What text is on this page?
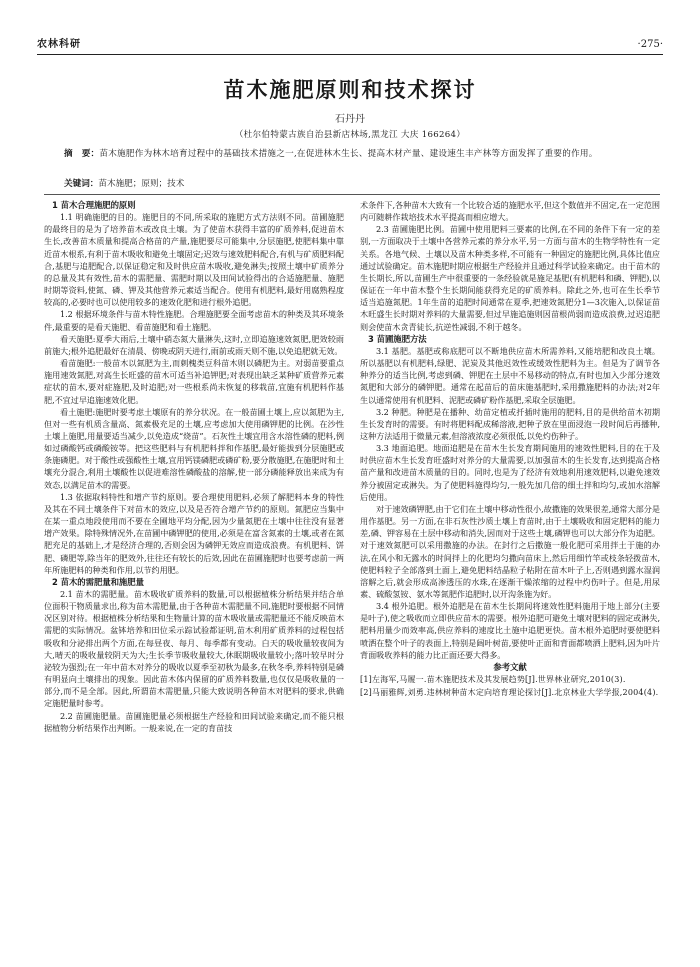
农林科研	·275·
苗木施肥原则和技术探讨
石丹丹
（杜尔伯特蒙古族自治县新店林场,黑龙江 大庆 166264）
摘　要：苗木施肥作为林木培育过程中的基础技术措施之一,在促进林木生长、提高木材产量、建设速生丰产林等方面发挥了重要的作用。
关键词：苗木施肥；原则；技术
1 苗木合理施肥的原则

1.1 明确施肥的目的。施肥目的不同,所采取的施肥方式方法则不同。苗圃施肥的最终目的是为了培养苗木或改良土壤。为了使苗木获得丰富的矿质养料,促进苗木生长,改善苗木质量和提高合格苗的产量,施肥要尽可能集中,分层施肥,使肥料集中靠近苗木根系,有利于苗木吸收和避免土壤固定;迟效与速效肥料配合,有机与矿质肥料配合,基肥与追肥配合,以保证稳定和及时供应苗木吸收,避免淋失;按照土壤中矿质养分的总量及其有效性,苗木的需肥量、需肥时期以及田间试验得出的合适施肥量、施肥时期等资料,使氮、磷、钾及其他营养元素适当配合。使用有机肥料,最好用腐熟程度较高的,必要时也可以使用较多的速效化肥和进行根外追肥。

1.2 根据环境条件与苗木特性施肥。合理施肥要全面考虑苗木的种类及其环境条件,最重要的是看天施肥、看苗施肥和看土施肥。

看天施肥:夏季大雨后,土壤中硝态氮大量淋失,这时,立即追施速效氮肥,肥效较雨前施大;根外追肥最好在清晨、傍晚或阴天进行,雨前或雨天则不施,以免追肥就无效。

看苗施肥:一般苗木以氮肥为主,而刺槐类豆科苗木则以磷肥为主。对弱苗要重点施用速效氮肥,对高生长旺盛的苗木可适当补追钾肥;对表现出缺乏某种矿质营养元素症状的苗木,要对症施肥,及时追肥;对一些根系尚未恢复的移栽苗,宜施有机肥料作基肥,不宜过早追施速效化肥。

看土施肥:施肥时要考虑土壤原有的养分状况。在一般苗圃土壤上,应以氮肥为主,但对一些有机质含量高、氮素极充足的土壤,应考虑加大使用磷钾肥的比例。在沙性土壤上施肥,用量要适当减少,以免造成“烧苗”。石灰性土壤宜用含水溶性磷的肥料,例如过磷酸钙或磷酸铵等。把这些肥料与有机肥料拌和作基肥,最好能拔到分层施肥或条施磷肥。对于酸性或强酸性土壤,宜用钙镁磷肥或磷矿粉,要分散施肥,在施肥时和土壤充分混合,利用土壤酸性以促进难溶性磷酸盐的溶解,使一部分磷能释放出来成为有效态,以满足苗木的需要。

1.3 依据取料特性和增产节约原则。要合理使用肥料,必须了解肥料本身的特性及其在不同土壤条件下对苗木的效应,以及是否符合增产节约的原则。氮肥应当集中在某一重点地段使用而不要在全圃地平均分配,因为少量氮肥在土壤中往往没有显著增产效果。除特殊情况外,在苗圃中磷钾肥的使用,必须是在富含氮素的土壤,或者在氮肥充足的基础上,才是经济合理的,否则会因为磷钾无效应而造成浪费。有机肥料、饼肥、磷肥等,除当年的肥效外,往往还有较长的后效,因此在苗圃施肥时也要考虑前一两年所施肥料的种类和作用,以节约用肥。

2 苗木的需肥量和施肥量

2.1 苗木的需肥量。苗木吸收矿质养料的数量,可以根据植株分析结果并结合单位面积干物质量求出,称为苗木需肥量,由于各种苗木需肥量不同,施肥时要根据不同情况区别对待。根据植株分析结果和生物量计算的苗木吸收量或需肥量还不能反映苗木需肥的实际情况。盆钵培养和田位采示踪试验都证明,苗木利用矿质养料的过程包括吸收和分泌排出两个方面,在每昼夜、每月、每季都有变动。白天的吸收量较夜间为大,晴天的吸收量较阴天为大;生长季节吸收量较大,休眠期吸收量较小;落叶较早时分泌较为强烈;在一年中苗木对养分的吸收以夏季至初秋为最多,在秋冬季,养料特别是磷有明显向土壤排出的现象。因此苗木体内保留的矿质养料数量,也仅仅是吸收量的一部分,而不是全部。因此,所谓苗木需肥量,只能大致说明各种苗木对肥料的要求,供确定施肥量时参考。

2.2 苗圃施肥量。苗圃施肥量必须根据生产经验和田间试验来确定,而不能只根据植物分析结果作出判断。一般来说,在一定的育苗技

术条件下,各种苗木大致有一个比较合适的施肥水平,但这个数值并不固定,在一定范围内可随耕作栽培技术水平提高而相应增大。

2.3 苗圃施肥比例。苗圃中使用肥料三要素的比例,在不同的条件下有一定的差别,一方面取决于土壤中各营养元素的养分水平,另一方面与苗木的生物学特性有一定关系。各地气候、土壤以及苗木种类多样,不可能有一种固定的施肥比例,具体比值应通过试验确定。苗木施肥时期应根据生产经验并且通过科学试验来确定。由于苗木的生长期长,所以,苗圃生产中很重要的一条经验就是施足基肥(有机肥料和磷、钾肥),以保证在一年中苗木整个生长期间能获得充足的矿质养料。除此之外,也可在生长季节适当追施氮肥。1年生苗的追肥时间通常在夏季,把速效氮肥分1—3次施入,以保证苗木旺盛生长时期对养料的大量需要,但过早施追施则因苗根尚弱而造成浪费,过迟追肥则会使苗木贪青徒长,抗逆性减弱,不利于越冬。

3 苗圃施肥方法

3.1 基肥。基肥或称底肥可以不断地供应苗木所需养料,又能培肥和改良土壤。所以基肥以有机肥料,绿肥、泥炭及其他迟效性或缓效性肥料为主。但是为了调节各种养分的适当比例,考虑到磷、钾肥在土层中不易移动的特点,有时也加入少部分速效氮肥和大部分的磷钾肥。通常在起苗后的苗床施基肥时,采用撒施肥料的办法;对2年生以通常使用有机肥料、泥肥或磷矿粉作基肥,采取全层施肥。

3.2 种肥。种肥是在播种、幼苗定植或扦插时施用的肥料,目的是供给苗木初期生长发育时的需要。有时将肥料配成稀溶液,把种子放在里面浸泡一段时间后再播种,这种方法适用于微量元素,但溶液浓度必须很低,以免灼伤种子。

3.3 地面追肥。地面追肥是在苗木生长发育期间施用的速效性肥料,目的在于及时供应苗木生长发育旺盛时对养分的大量需要,以加强苗木的生长发育,达到提高合格苗产量和改进苗木质量的目的。同时,也是为了经济有效地利用速效肥料,以避免速效养分被固定或淋失。为了使肥料施得均匀,一般先加几倍的细土拌和均匀,或加水溶解后使用。

对于速效磷钾肥,由于它们在土壤中移动性很小,故撒施的效果很差,通常大部分是用作基肥。另一方面,在非石灰性沙质土壤上育苗时,由于土壤吸收和固定肥料的能力差,磷、钾容易在土层中移动和消失,因而对于这些土壤,磷钾也可以大部分作为追肥。对于速效氮肥可以采用撒施的办法。在封行之后撒施一般化肥可采用拌土于施的办法,在风小和无露水的时间拌上的化肥均匀撒向苗床上,然后用细竹竿或枝条轻拨苗木,使肥料粒子全部落到土面上,避免肥料结晶粒子粘附在苗木叶子上,否则遇到露水湿润溶解之后,就会形成高渗透压的水珠,在逐渐干燥浓缩的过程中灼伤叶子。但是,用尿素、硫酸氢铵、氨水等氮肥作追肥时,以开沟条施为好。

3.4 根外追肥。根外追肥是在苗木生长期间将速效性肥料施用于地上部分(主要是叶子),使之吸收而立即供应苗木的需要。根外追肥可避免土壤对肥料的固定或淋失,肥料用量少而效率高,供应养料的速度比土施中追肥更快。苗木根外追肥时要使肥料喷洒在整个叶子的表面上,特别是阔叶树苗,要使叶正面和背面都喷洒上肥料,因为叶片背面吸收养料的能力比正面还要大得多。

参考文献

[1]左海军,马履一.苗木施肥技术及其发展趋势[J].世界林业研究,2010(3).

[2]马丽雅辉,刘勇.违林树种苗木定向培育理论探讨[J].北京林业大学学报,2004(4).
